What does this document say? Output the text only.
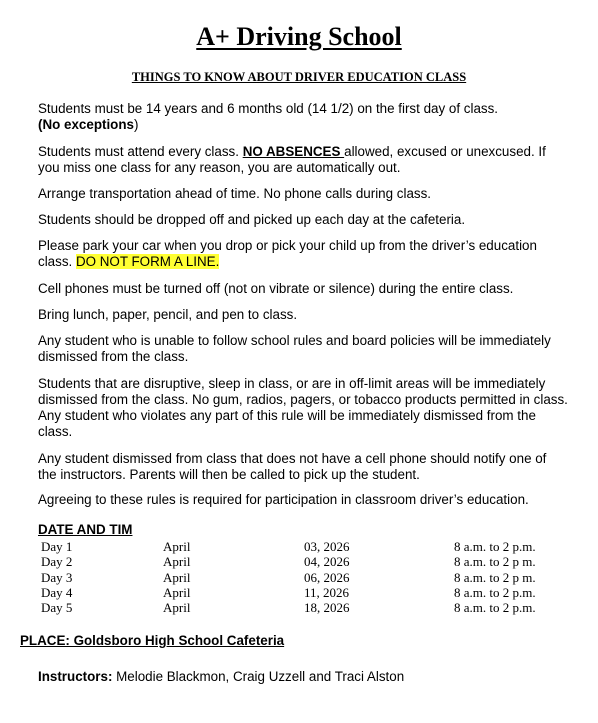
A+ Driving School
THINGS TO KNOW ABOUT DRIVER EDUCATION CLASS

Students must be 14 years and 6 months old (14 1/2) on the first day of class.
(No exceptions)

Students must attend every class. NO ABSENCES allowed, excused or unexcused. If you miss one class for any reason, you are automatically out.

Arrange transportation ahead of time. No phone calls during class.

Students should be dropped off and picked up each day at the cafeteria.

Please park your car when you drop or pick your child up from the driver’s education class. DO NOT FORM A LINE.

Cell phones must be turned off (not on vibrate or silence) during the entire class.

Bring lunch, paper, pencil, and pen to class.

Any student who is unable to follow school rules and board policies will be immediately dismissed from the class.

Students that are disruptive, sleep in class, or are in off-limit areas will be immediately dismissed from the class. No gum, radios, pagers, or tobacco products permitted in class. Any student who violates any part of this rule will be immediately dismissed from the class.

Any student dismissed from class that does not have a cell phone should notify one of the instructors. Parents will then be called to pick up the student.

Agreeing to these rules is required for participation in classroom driver’s education.

DATE AND TIM
Day 1	April	03, 2026	8 a.m. to 2 p.m.
Day 2	April	04, 2026	8 a.m. to 2 p m.
Day 3	April	06, 2026	8 a.m. to 2 p m.
Day 4	April	11, 2026	8 a.m. to 2 p.m.
Day 5	April	18, 2026	8 a.m. to 2 p.m.
PLACE: Goldsboro High School Cafeteria
Instructors: Melodie Blackmon, Craig Uzzell and Traci Alston
